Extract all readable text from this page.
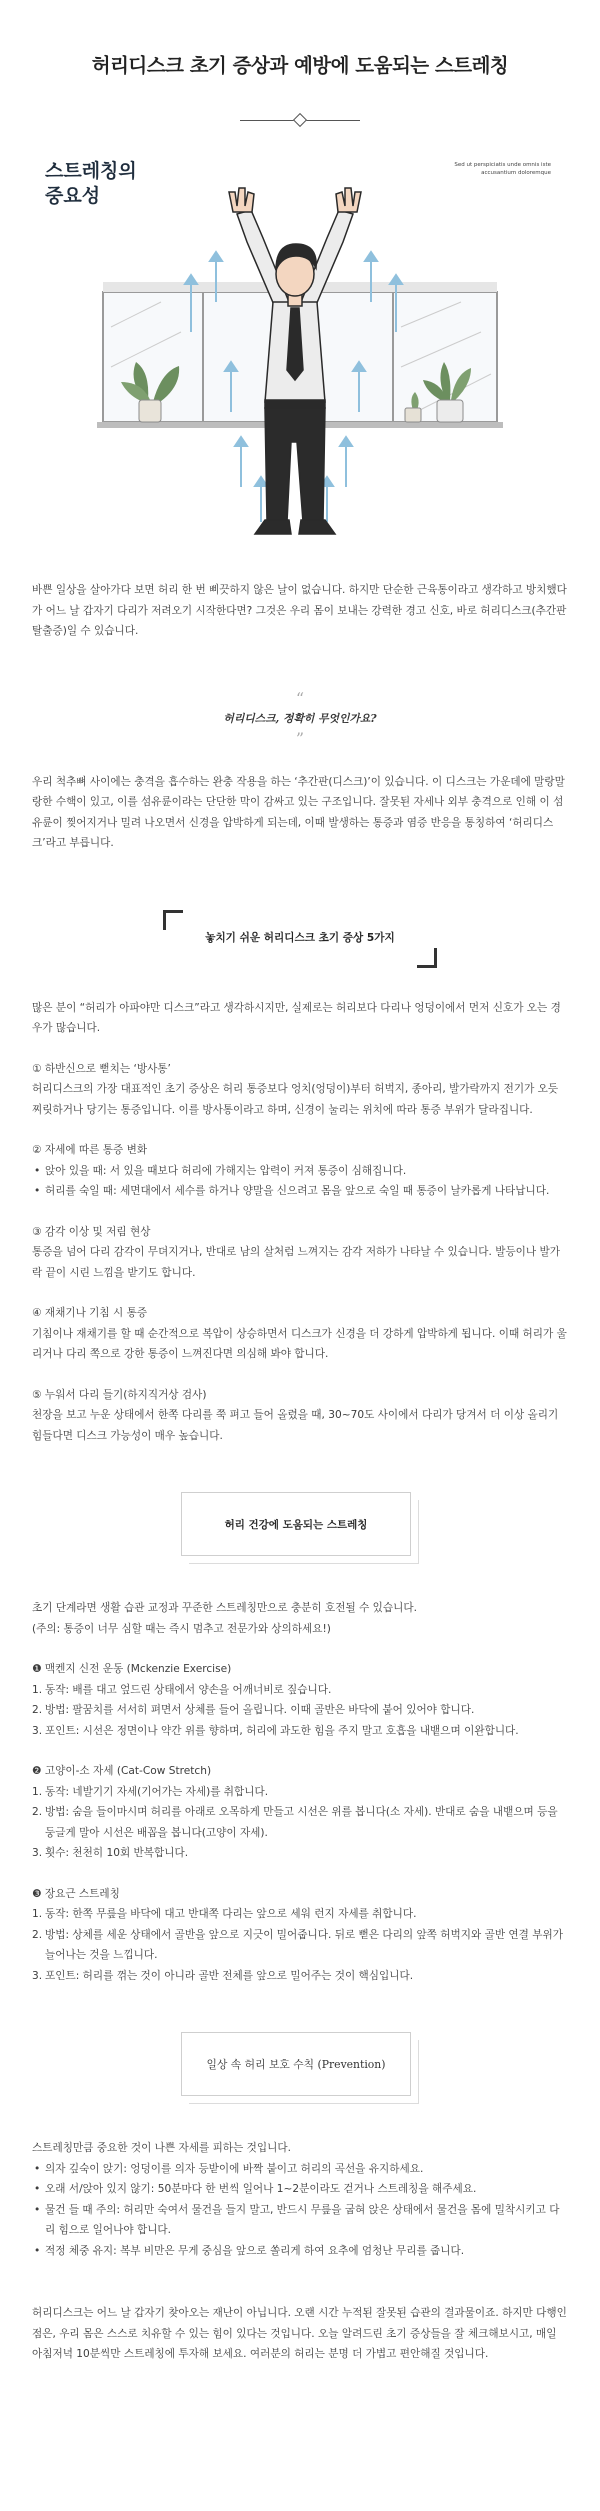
허리디스크 초기 증상과 예방에 도움되는 스트레칭
스트레칭의
중요성
Sed ut perspiciatis unde omnis iste
accusantium doloremque

바쁜 일상을 살아가다 보면 허리 한 번 삐끗하지 않은 날이 없습니다. 하지만 단순한 근육통이라고 생각하고 방치했다가 어느 날 갑자기 다리가 저려오기 시작한다면? 그것은 우리 몸이 보내는 강력한 경고 신호, 바로 허리디스크(추간판 탈출증)일 수 있습니다.

“
허리디스크, 정확히 무엇인가요?
”

우리 척추뼈 사이에는 충격을 흡수하는 완충 작용을 하는 ‘추간판(디스크)’이 있습니다. 이 디스크는 가운데에 말랑말랑한 수핵이 있고, 이를 섬유륜이라는 단단한 막이 감싸고 있는 구조입니다. 잘못된 자세나 외부 충격으로 인해 이 섬유륜이 찢어지거나 밀려 나오면서 신경을 압박하게 되는데, 이때 발생하는 통증과 염증 반응을 통칭하여 ‘허리디스크’라고 부릅니다.

놓치기 쉬운 허리디스크 초기 증상 5가지

많은 분이 “허리가 아파야만 디스크”라고 생각하시지만, 실제로는 허리보다 다리나 엉덩이에서 먼저 신호가 오는 경우가 많습니다.

① 하반신으로 뻗치는 ‘방사통’

허리디스크의 가장 대표적인 초기 증상은 허리 통증보다 엉치(엉덩이)부터 허벅지, 종아리, 발가락까지 전기가 오듯 찌릿하거나 당기는 통증입니다. 이를 방사통이라고 하며, 신경이 눌리는 위치에 따라 통증 부위가 달라집니다.

② 자세에 따른 통증 변화

• 앉아 있을 때: 서 있을 때보다 허리에 가해지는 압력이 커져 통증이 심해집니다.
• 허리를 숙일 때: 세면대에서 세수를 하거나 양말을 신으려고 몸을 앞으로 숙일 때 통증이 날카롭게 나타납니다.

③ 감각 이상 및 저림 현상

통증을 넘어 다리 감각이 무뎌지거나, 반대로 남의 살처럼 느껴지는 감각 저하가 나타날 수 있습니다. 발등이나 발가락 끝이 시린 느낌을 받기도 합니다.

④ 재채기나 기침 시 통증

기침이나 재채기를 할 때 순간적으로 복압이 상승하면서 디스크가 신경을 더 강하게 압박하게 됩니다. 이때 허리가 울리거나 다리 쪽으로 강한 통증이 느껴진다면 의심해 봐야 합니다.

⑤ 누워서 다리 들기(하지직거상 검사)

천장을 보고 누운 상태에서 한쪽 다리를 쭉 펴고 들어 올렸을 때, 30~70도 사이에서 다리가 당겨서 더 이상 올리기 힘들다면 디스크 가능성이 매우 높습니다.

허리 건강에 도움되는 스트레칭

초기 단계라면 생활 습관 교정과 꾸준한 스트레칭만으로 충분히 호전될 수 있습니다.

(주의: 통증이 너무 심할 때는 즉시 멈추고 전문가와 상의하세요!)

❶ 맥켄지 신전 운동 (Mckenzie Exercise)

1. 동작: 배를 대고 엎드린 상태에서 양손을 어깨너비로 짚습니다.
2. 방법: 팔꿈치를 서서히 펴면서 상체를 들어 올립니다. 이때 골반은 바닥에 붙어 있어야 합니다.
3. 포인트: 시선은 정면이나 약간 위를 향하며, 허리에 과도한 힘을 주지 말고 호흡을 내뱉으며 이완합니다.

❷ 고양이-소 자세 (Cat-Cow Stretch)

1. 동작: 네발기기 자세(기어가는 자세)를 취합니다.
2. 방법: 숨을 들이마시며 허리를 아래로 오목하게 만들고 시선은 위를 봅니다(소 자세). 반대로 숨을 내뱉으며 등을 둥글게 말아 시선은 배꼽을 봅니다(고양이 자세).
3. 횟수: 천천히 10회 반복합니다.

❸ 장요근 스트레칭

1. 동작: 한쪽 무릎을 바닥에 대고 반대쪽 다리는 앞으로 세워 런지 자세를 취합니다.
2. 방법: 상체를 세운 상태에서 골반을 앞으로 지긋이 밀어줍니다. 뒤로 뻗은 다리의 앞쪽 허벅지와 골반 연결 부위가 늘어나는 것을 느낍니다.
3. 포인트: 허리를 꺾는 것이 아니라 골반 전체를 앞으로 밀어주는 것이 핵심입니다.
일상 속 허리 보호 수칙 (Prevention)

스트레칭만큼 중요한 것이 나쁜 자세를 피하는 것입니다.

• 의자 깊숙이 앉기: 엉덩이를 의자 등받이에 바짝 붙이고 허리의 곡선을 유지하세요.
• 오래 서/앉아 있지 않기: 50분마다 한 번씩 일어나 1~2분이라도 걷거나 스트레칭을 해주세요.
• 물건 들 때 주의: 허리만 숙여서 물건을 들지 말고, 반드시 무릎을 굽혀 앉은 상태에서 물건을 몸에 밀착시키고 다리 힘으로 일어나야 합니다.
• 적정 체중 유지: 복부 비만은 무게 중심을 앞으로 쏠리게 하여 요추에 엄청난 무리를 줍니다.

허리디스크는 어느 날 갑자기 찾아오는 재난이 아닙니다. 오랜 시간 누적된 잘못된 습관의 결과물이죠. 하지만 다행인 점은, 우리 몸은 스스로 치유할 수 있는 힘이 있다는 것입니다. 오늘 알려드린 초기 증상들을 잘 체크해보시고, 매일 아침저녁 10분씩만 스트레칭에 투자해 보세요. 여러분의 허리는 분명 더 가볍고 편안해질 것입니다.
